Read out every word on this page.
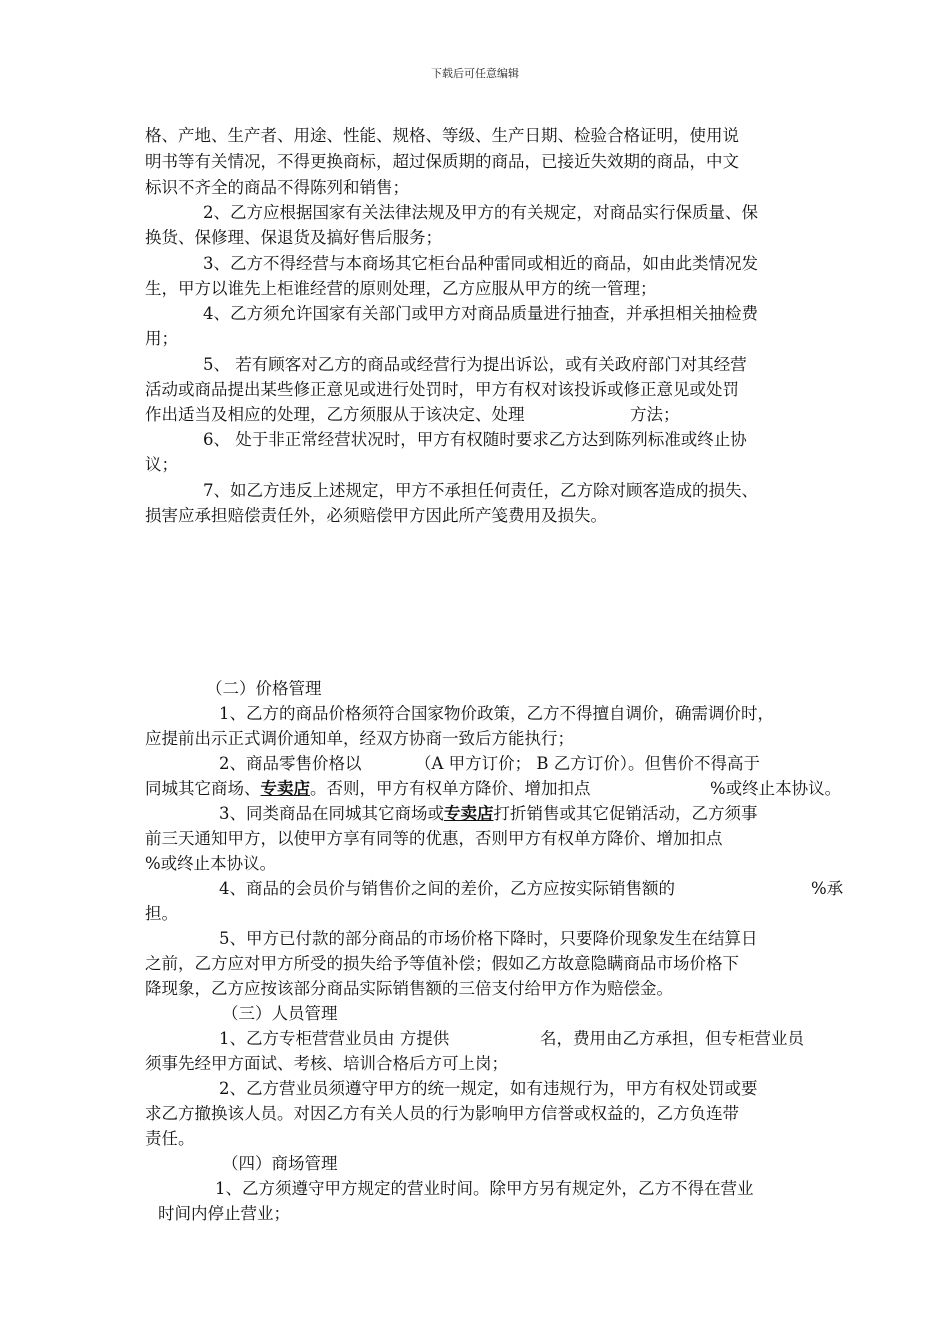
下载后可任意编辑
格、产地、生产者、用途、性能、规格、等级、生产日期、检验合格证明，使用说
明书等有关情况，不得更换商标，超过保质期的商品，已接近失效期的商品，中文
标识不齐全的商品不得陈列和销售；
2、乙方应根据国家有关法律法规及甲方的有关规定，对商品实行保质量、保
换货、保修理、保退货及搞好售后服务；
3、乙方不得经营与本商场其它柜台品种雷同或相近的商品，如由此类情况发
生，甲方以谁先上柜谁经营的原则处理，乙方应服从甲方的统一管理；
4、乙方须允许国家有关部门或甲方对商品质量进行抽查，并承担相关抽检费
用；
5、 若有顾客对乙方的商品或经营行为提出诉讼，或有关政府部门对其经营
活动或商品提出某些修正意见或进行处罚时，甲方有权对该投诉或修正意见或处罚
作出适当及相应的处理，乙方须服从于该决定、处理	方法；
6、 处于非正常经营状况时，甲方有权随时要求乙方达到陈列标准或终止协
议；
7、如乙方违反上述规定，甲方不承担任何责任，乙方除对顾客造成的损失、
损害应承担赔偿责任外，必须赔偿甲方因此所产笺费用及损失。
（二）价格管理
1、乙方的商品价格须符合国家物价政策，乙方不得擅自调价，确需调价时，
应提前出示正式调价通知单，经双方协商一致后方能执行；
2、商品零售价格以	（A 甲方订价； B 乙方订价）。但售价不得高于
同城其它商场、专卖店。否则，甲方有权单方降价、增加扣点	%或终止本协议。
3、同类商品在同城其它商场或专卖店打折销售或其它促销活动，乙方须事
前三天通知甲方，以使甲方享有同等的优惠，否则甲方有权单方降价、增加扣点
%或终止本协议。
4、商品的会员价与销售价之间的差价，乙方应按实际销售额的	%承
担。
5、甲方已付款的部分商品的市场价格下降时，只要降价现象发生在结算日
之前，乙方应对甲方所受的损失给予等值补偿；假如乙方故意隐瞒商品市场价格下
降现象，乙方应按该部分商品实际销售额的三倍支付给甲方作为赔偿金。
（三）人员管理
1、乙方专柜营营业员由 方提供	名，费用由乙方承担，但专柜营业员
须事先经甲方面试、考核、培训合格后方可上岗；
2、乙方营业员须遵守甲方的统一规定，如有违规行为，甲方有权处罚或要
求乙方撤换该人员。对因乙方有关人员的行为影响甲方信誉或权益的，乙方负连带
责任。
（四）商场管理
1、乙方须遵守甲方规定的营业时间。除甲方另有规定外，乙方不得在营业
时间内停止营业；
